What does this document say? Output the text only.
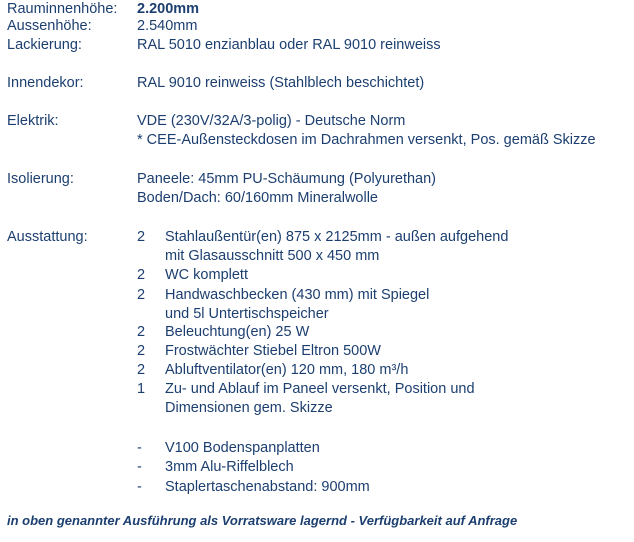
Rauminnenhöhe: 2.200mm
Aussenhöhe:	2.540mm
Lackierung:	RAL 5010 enzianblau oder RAL 9010 reinweiss
Innendekor:	RAL 9010 reinweiss (Stahlblech beschichtet)
Elektrik:	VDE (230V/32A/3-polig) - Deutsche Norm
* CEE-Außensteckdosen im Dachrahmen versenkt, Pos. gemäß Skizze
Isolierung:	Paneele: 45mm PU-Schäumung (Polyurethan)
Boden/Dach: 60/160mm Mineralwolle
Ausstattung:	2 Stahlaußentür(en) 875 x 2125mm - außen aufgehend
mit Glasausschnitt 500 x 450 mm
2 WC komplett
2 Handwaschbecken (430 mm) mit Spiegel
und 5l Untertischspeicher
2 Beleuchtung(en) 25 W
2 Frostwächter Stiebel Eltron 500W
2 Abluftventilator(en) 120 mm, 180 m³/h
1 Zu- und Ablauf im Paneel versenkt, Position und
Dimensionen gem. Skizze
- V100 Bodenspanplatten
- 3mm Alu-Riffelblech
- Staplertaschenabstand: 900mm
in oben genannter Ausführung als Vorratsware lagernd - Verfügbarkeit auf Anfrage
